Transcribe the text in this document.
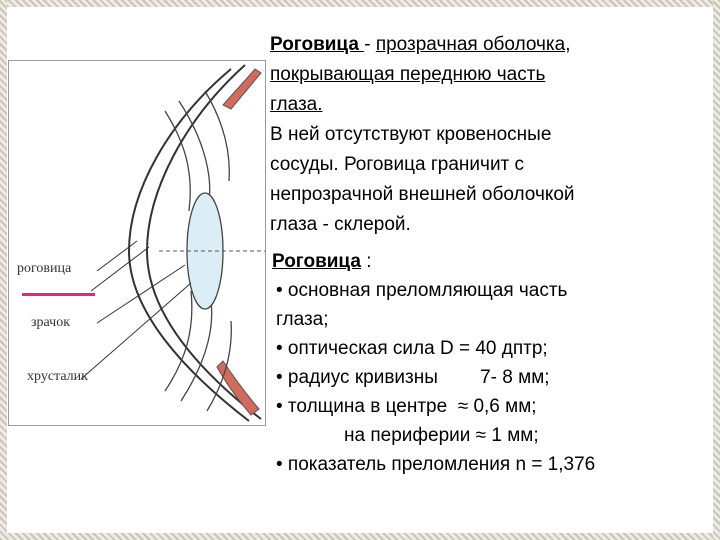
роговица
зрачок
хрусталик
Роговица - прозрачная оболочка,
покрывающая переднюю часть
глаза.
В ней отсутствуют кровеносные
сосуды. Роговица граничит с
непрозрачной внешней оболочкой
глаза - склерой.
Роговица :
• основная преломляющая часть
глаза;
• оптическая сила D = 40 дптр;
• радиус кривизны        7- 8 мм;
• толщина в центре  ≈ 0,6 мм;
на периферии ≈ 1 мм;
• показатель преломления n = 1,376
